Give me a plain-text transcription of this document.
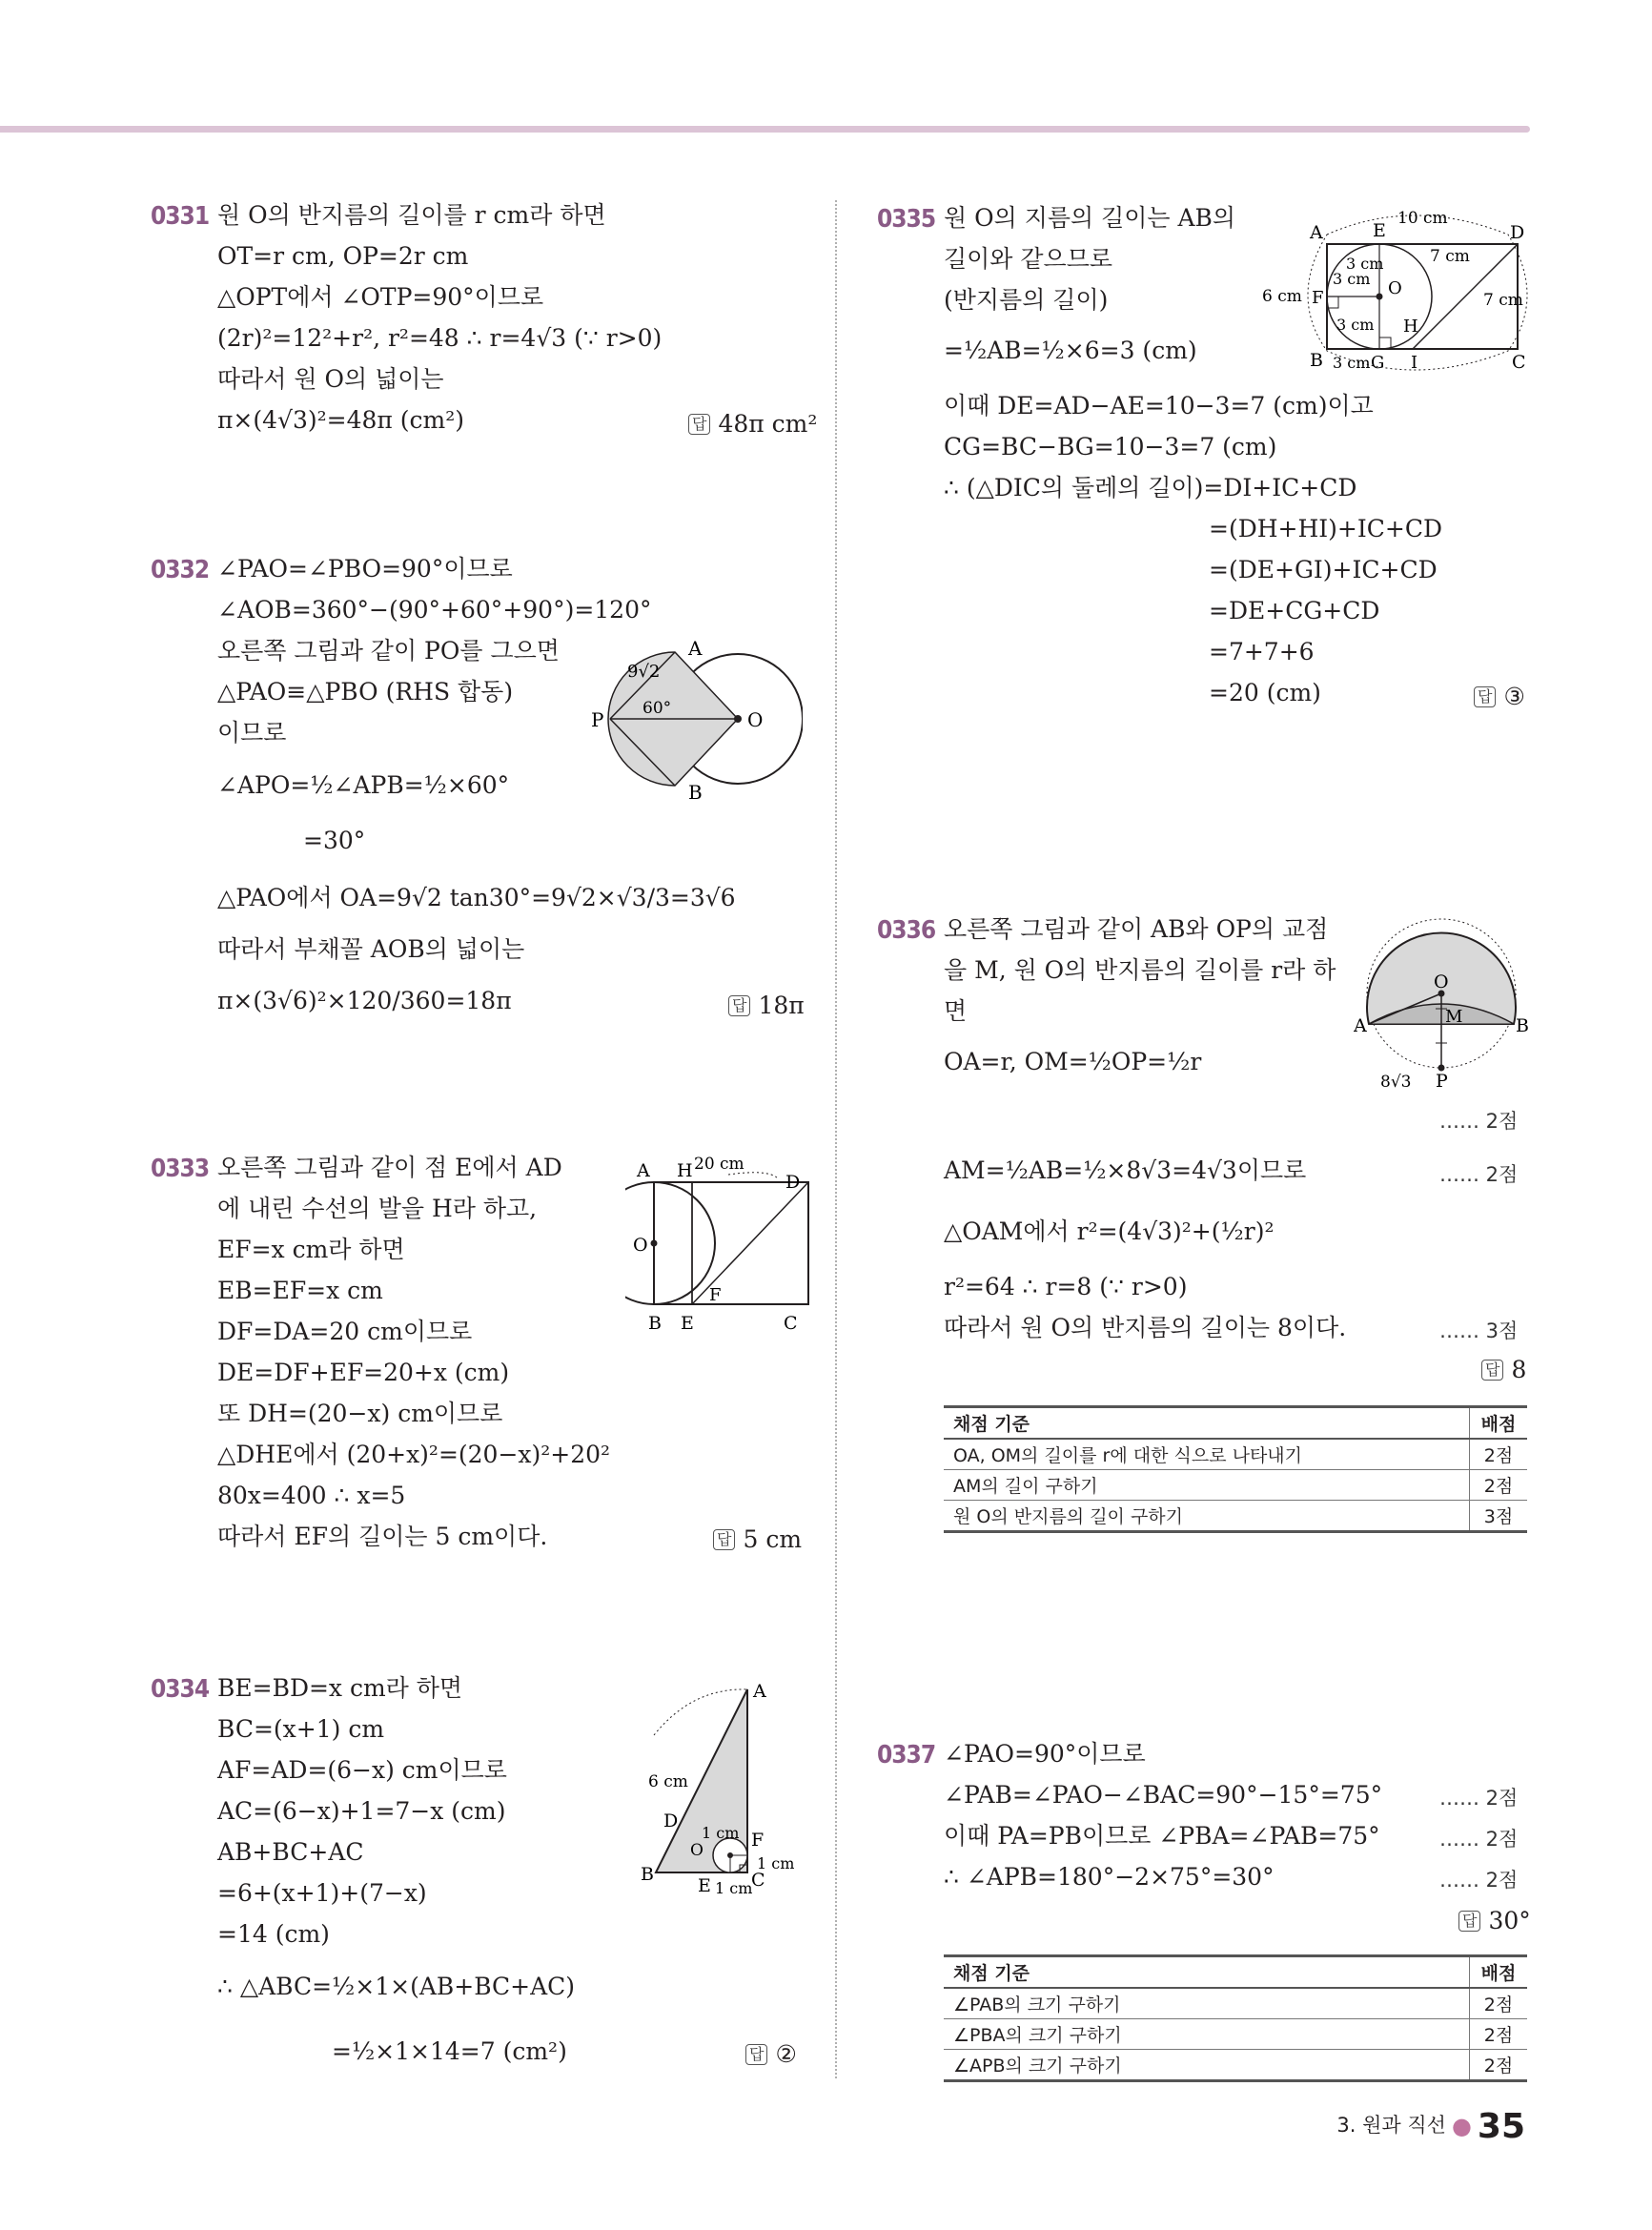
0331 원 O의 반지름의 길이를 r cm라 하면
OT=r cm, OP=2r cm
△OPT에서 ∠OTP=90°이므로
(2r)²=12²+r², r²=48 ∴ r=4√3 (∵ r>0)
따라서 원 O의 넓이는
π×(4√3)²=48π (cm²)	답 48π cm²
0332 ∠PAO=∠PBO=90°이므로
∠AOB=360°−(90°+60°+90°)=120°
오른쪽 그림과 같이 PO를 그으면
△PAO≡△PBO (RHS 합동)
이므로
∠APO=½∠APB=½×60°
=30°
△PAO에서 OA=9√2 tan30°=9√2×√3/3=3√6
따라서 부채꼴 AOB의 넓이는
π×(3√6)²×120/360=18π	답 18π
A
B
P	O
9√2
60°
0333 오른쪽 그림과 같이 점 E에서 AD
에 내린 수선의 발을 H라 하고,
EF=x cm라 하면
EB=EF=x cm
DF=DA=20 cm이므로
DE=DF+EF=20+x (cm)
또 DH=(20−x) cm이므로
△DHE에서 (20+x)²=(20−x)²+20²
80x=400 ∴ x=5
따라서 EF의 길이는 5 cm이다.	답 5 cm
A H
D
20 cm
O
F
B E	C
0334 BE=BD=x cm라 하면
BC=(x+1) cm
AF=AD=(6−x) cm이므로
AC=(6−x)+1=7−x (cm)
AB+BC+AC
=6+(x+1)+(7−x)
=14 (cm)
∴ △ABC=½×1×(AB+BC+AC)
=½×1×14=7 (cm²)	답 ②
A
6 cm
D
1 cm
O	F
1 cm
B
E 1 cm
C
0335 원 O의 지름의 길이는 AB의
길이와 같으므로
(반지름의 길이)
=½AB=½×6=3 (cm)
이때 DE=AD−AE=10−3=7 (cm)이고
CG=BC−BG=10−3=7 (cm)
∴ (△DIC의 둘레의 길이)=DI+IC+CD
=(DH+HI)+IC+CD
=(DE+GI)+IC+CD
=DE+CG+CD
=7+7+6
=20 (cm)	답 ③
A	E
10 cm
D
3 cm
3 cm
7 cm
6 cm F	O
7 cm
3 cm H
B 3 cm G I	C
0336 오른쪽 그림과 같이 AB와 OP의 교점
을 M, 원 O의 반지름의 길이를 r라 하
면
OA=r, OM=½OP=½r
…… 2점
AM=½AB=½×8√3=4√3이므로	…… 2점
△OAM에서 r²=(4√3)²+(½r)²
r²=64 ∴ r=8 (∵ r>0)
따라서 원 O의 반지름의 길이는 8이다.	…… 3점
답 8
O
M
A	B
8√3 P
채점 기준	배점
OA, OM의 길이를 r에 대한 식으로 나타내기	2점
AM의 길이 구하기	2점
원 O의 반지름의 길이 구하기	3점
0337 ∠PAO=90°이므로
∠PAB=∠PAO−∠BAC=90°−15°=75°	…… 2점
이때 PA=PB이므로 ∠PBA=∠PAB=75°	…… 2점
∴ ∠APB=180°−2×75°=30°	…… 2점
답 30°
채점 기준	배점
∠PAB의 크기 구하기	2점
∠PBA의 크기 구하기	2점
∠APB의 크기 구하기	2점
3. 원과 직선 ● 35
